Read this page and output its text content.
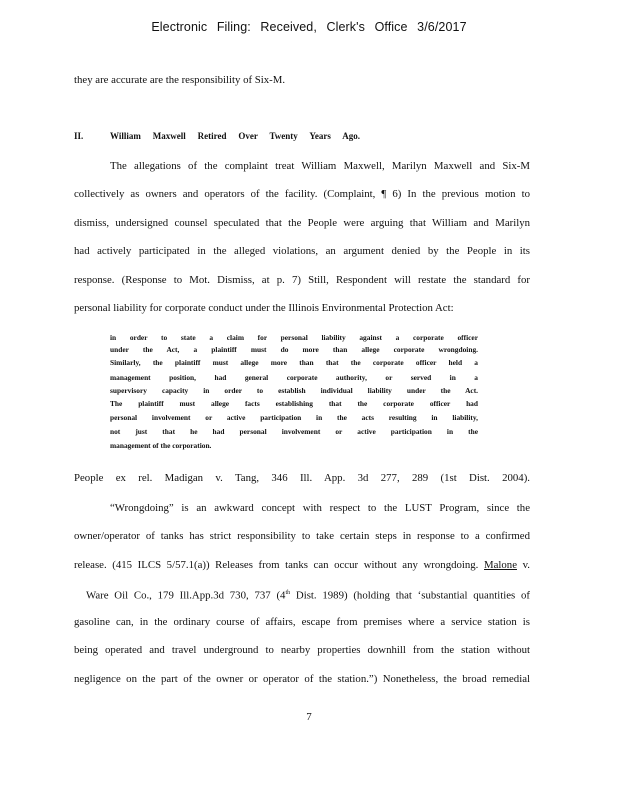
Electronic Filing: Received, Clerk's Office 3/6/2017
they are accurate are the responsibility of Six-M.
II.	William Maxwell Retired Over Twenty Years Ago.
The allegations of the complaint treat William Maxwell, Marilyn Maxwell and Six-M
collectively as owners and operators of the facility. (Complaint, ¶ 6) In the previous motion to
dismiss, undersigned counsel speculated that the People were arguing that William and Marilyn
had actively participated in the alleged violations, an argument denied by the People in its
response. (Response to Mot. Dismiss, at p. 7) Still, Respondent will restate the standard for
personal liability for corporate conduct under the Illinois Environmental Protection Act:
in order to state a claim for personal liability against a corporate officer
under the Act, a plaintiff must do more than allege corporate wrongdoing.
Similarly, the plaintiff must allege more than that the corporate officer held a
management position, had general corporate authority, or served in a
supervisory capacity in order to establish individual liability under the Act.
The plaintiff must allege facts establishing that the corporate officer had
personal involvement or active participation in the acts resulting in liability,
not just that he had personal involvement or active participation in the
management of the corporation.
People ex rel. Madigan v. Tang, 346 Ill. App. 3d 277, 289 (1st Dist. 2004).
“Wrongdoing” is an awkward concept with respect to the LUST Program, since the
owner/operator of tanks has strict responsibility to take certain steps in response to a confirmed
release. (415 ILCS 5/57.1(a)) Releases from tanks can occur without any wrongdoing. Malone v.
Ware Oil Co., 179 Ill.App.3d 730, 737 (4th Dist. 1989) (holding that ‘substantial quantities of
gasoline can, in the ordinary course of affairs, escape from premises where a service station is
being operated and travel underground to nearby properties downhill from the station without
negligence on the part of the owner or operator of the station.”) Nonetheless, the broad remedial
7
